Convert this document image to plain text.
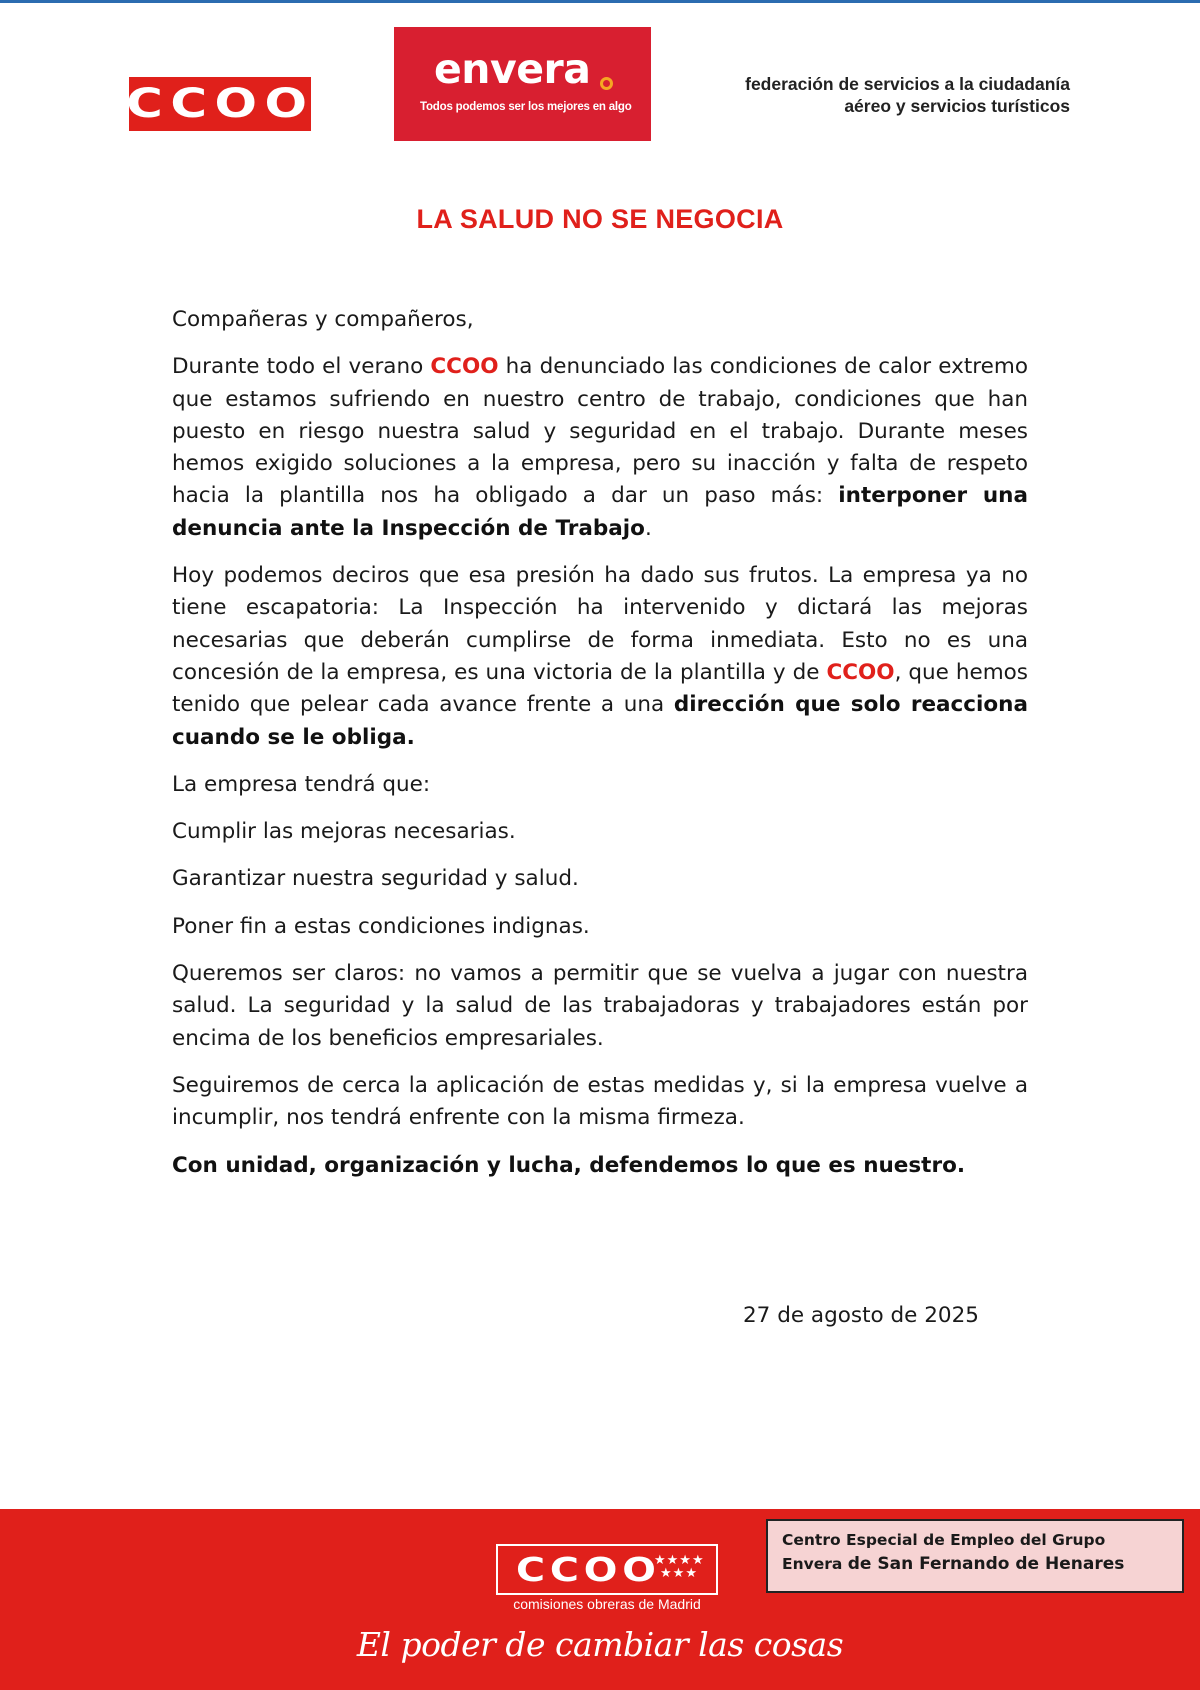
CCOO
envera
Todos podemos ser los mejores en algo
federación de servicios a la ciudadanía
aéreo y servicios turísticos
LA SALUD NO SE NEGOCIA

Compañeras y compañeros,

Durante todo el verano CCOO ha denunciado las condiciones de calor extremo que estamos sufriendo en nuestro centro de trabajo, condiciones que han puesto en riesgo nuestra salud y seguridad en el trabajo. Durante meses hemos exigido soluciones a la empresa, pero su inacción y falta de respeto hacia la plantilla nos ha obligado a dar un paso más: interponer una denuncia ante la Inspección de Trabajo.

Hoy podemos deciros que esa presión ha dado sus frutos. La empresa ya no tiene escapatoria: La Inspección ha intervenido y dictará las mejoras necesarias que deberán cumplirse de forma inmediata. Esto no es una concesión de la empresa, es una victoria de la plantilla y de CCOO, que hemos tenido que pelear cada avance frente a una dirección que solo reacciona cuando se le obliga.

La empresa tendrá que:

Cumplir las mejoras necesarias.

Garantizar nuestra seguridad y salud.

Poner fin a estas condiciones indignas.

Queremos ser claros: no vamos a permitir que se vuelva a jugar con nuestra salud. La seguridad y la salud de las trabajadoras y trabajadores están por encima de los beneficios empresariales.

Seguiremos de cerca la aplicación de estas medidas y, si la empresa vuelve a incumplir, nos tendrá enfrente con la misma firmeza.

Con unidad, organización y lucha, defendemos lo que es nuestro.

27 de agosto de 2025
CCOO
★★★★
★★★
comisiones obreras de Madrid
El poder de cambiar las cosas
Centro Especial de Empleo del Grupo
Envera de San Fernando de Henares
